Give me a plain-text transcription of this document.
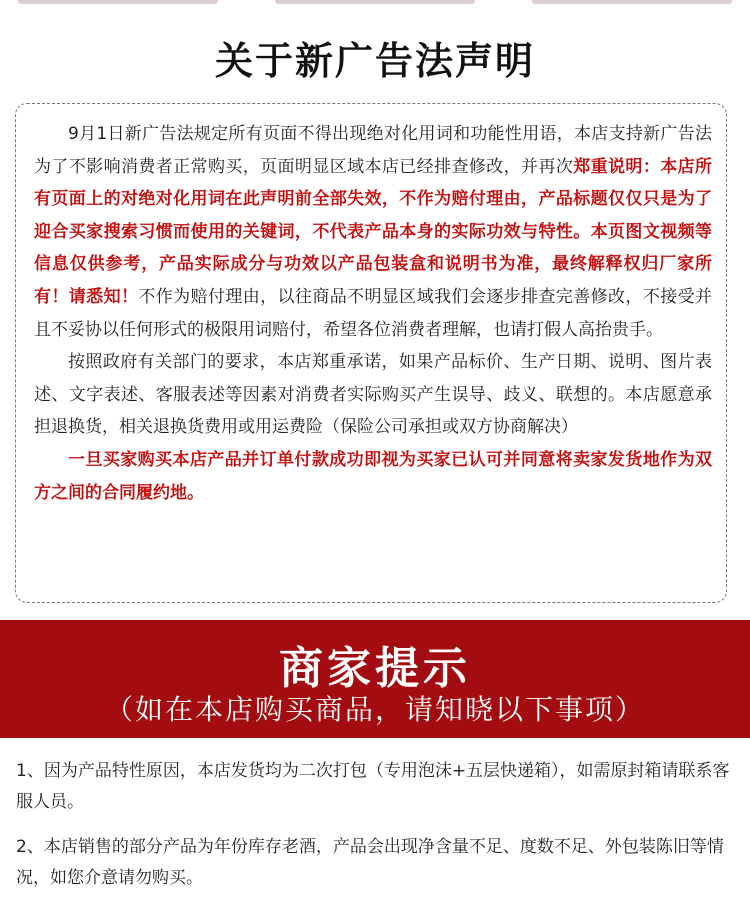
关于新广告法声明

9月1日新广告法规定所有页面不得出现绝对化用词和功能性用语，本店支持新广告法为了不影响消费者正常购买，页面明显区域本店已经排查修改，并再次郑重说明：本店所有页面上的对绝对化用词在此声明前全部失效，不作为赔付理由，产品标题仅仅只是为了迎合买家搜索习惯而使用的关键词，不代表产品本身的实际功效与特性。本页图文视频等信息仅供参考，产品实际成分与功效以产品包装盒和说明书为准，最终解释权归厂家所有！请悉知！不作为赔付理由，以往商品不明显区域我们会逐步排查完善修改，不接受并且不妥协以任何形式的极限用词赔付，希望各位消费者理解，也请打假人高抬贵手。

按照政府有关部门的要求，本店郑重承诺，如果产品标价、生产日期、说明、图片表述、文字表述、客服表述等因素对消费者实际购买产生误导、歧义、联想的。本店愿意承担退换货，相关退换货费用或用运费险（保险公司承担或双方协商解决）

一旦买家购买本店产品并订单付款成功即视为买家已认可并同意将卖家发货地作为双方之间的合同履约地。

商家提示
（如在本店购买商品，请知晓以下事项）

1、因为产品特性原因，本店发货均为二次打包（专用泡沫+五层快递箱），如需原封箱请联系客服人员。

2、本店销售的部分产品为年份库存老酒，产品会出现净含量不足、度数不足、外包装陈旧等情况，如您介意请勿购买。
